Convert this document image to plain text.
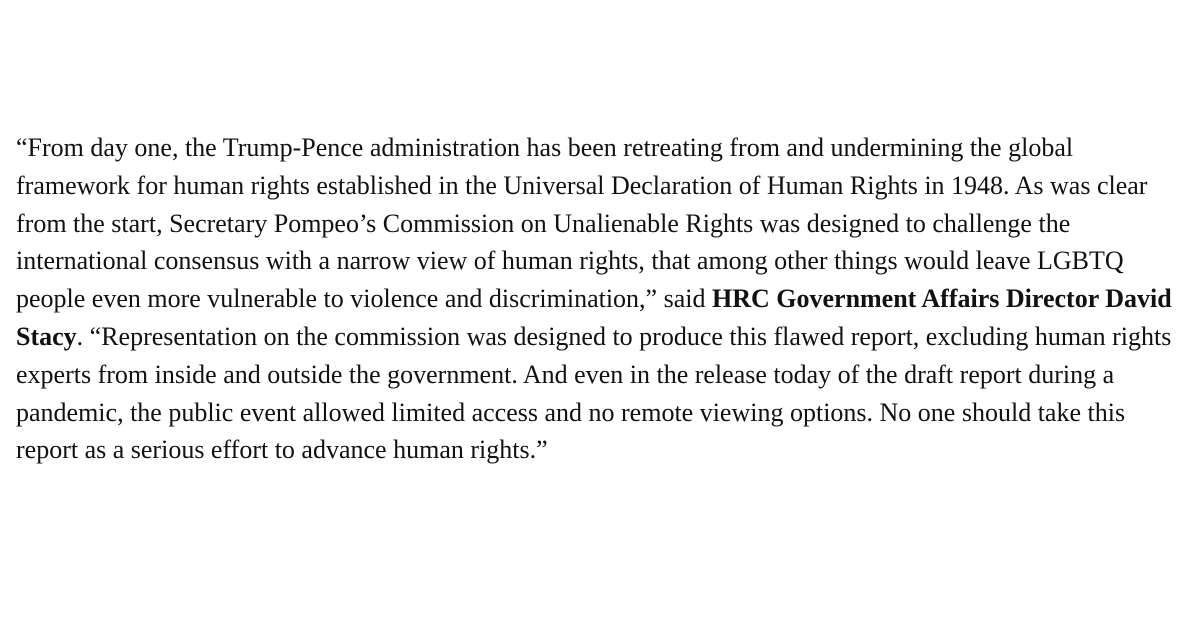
“From day one, the Trump-Pence administration has been retreating from and undermining the global framework for human rights established in the Universal Declaration of Human Rights in 1948. As was clear from the start, Secretary Pompeo’s Commission on Unalienable Rights was designed to challenge the international consensus with a narrow view of human rights, that among other things would leave LGBTQ people even more vulnerable to violence and discrimination,” said HRC Government Affairs Director David Stacy. “Representation on the commission was designed to produce this flawed report, excluding human rights experts from inside and outside the government. And even in the release today of the draft report during a pandemic, the public event allowed limited access and no remote viewing options. No one should take this report as a serious effort to advance human rights.”
